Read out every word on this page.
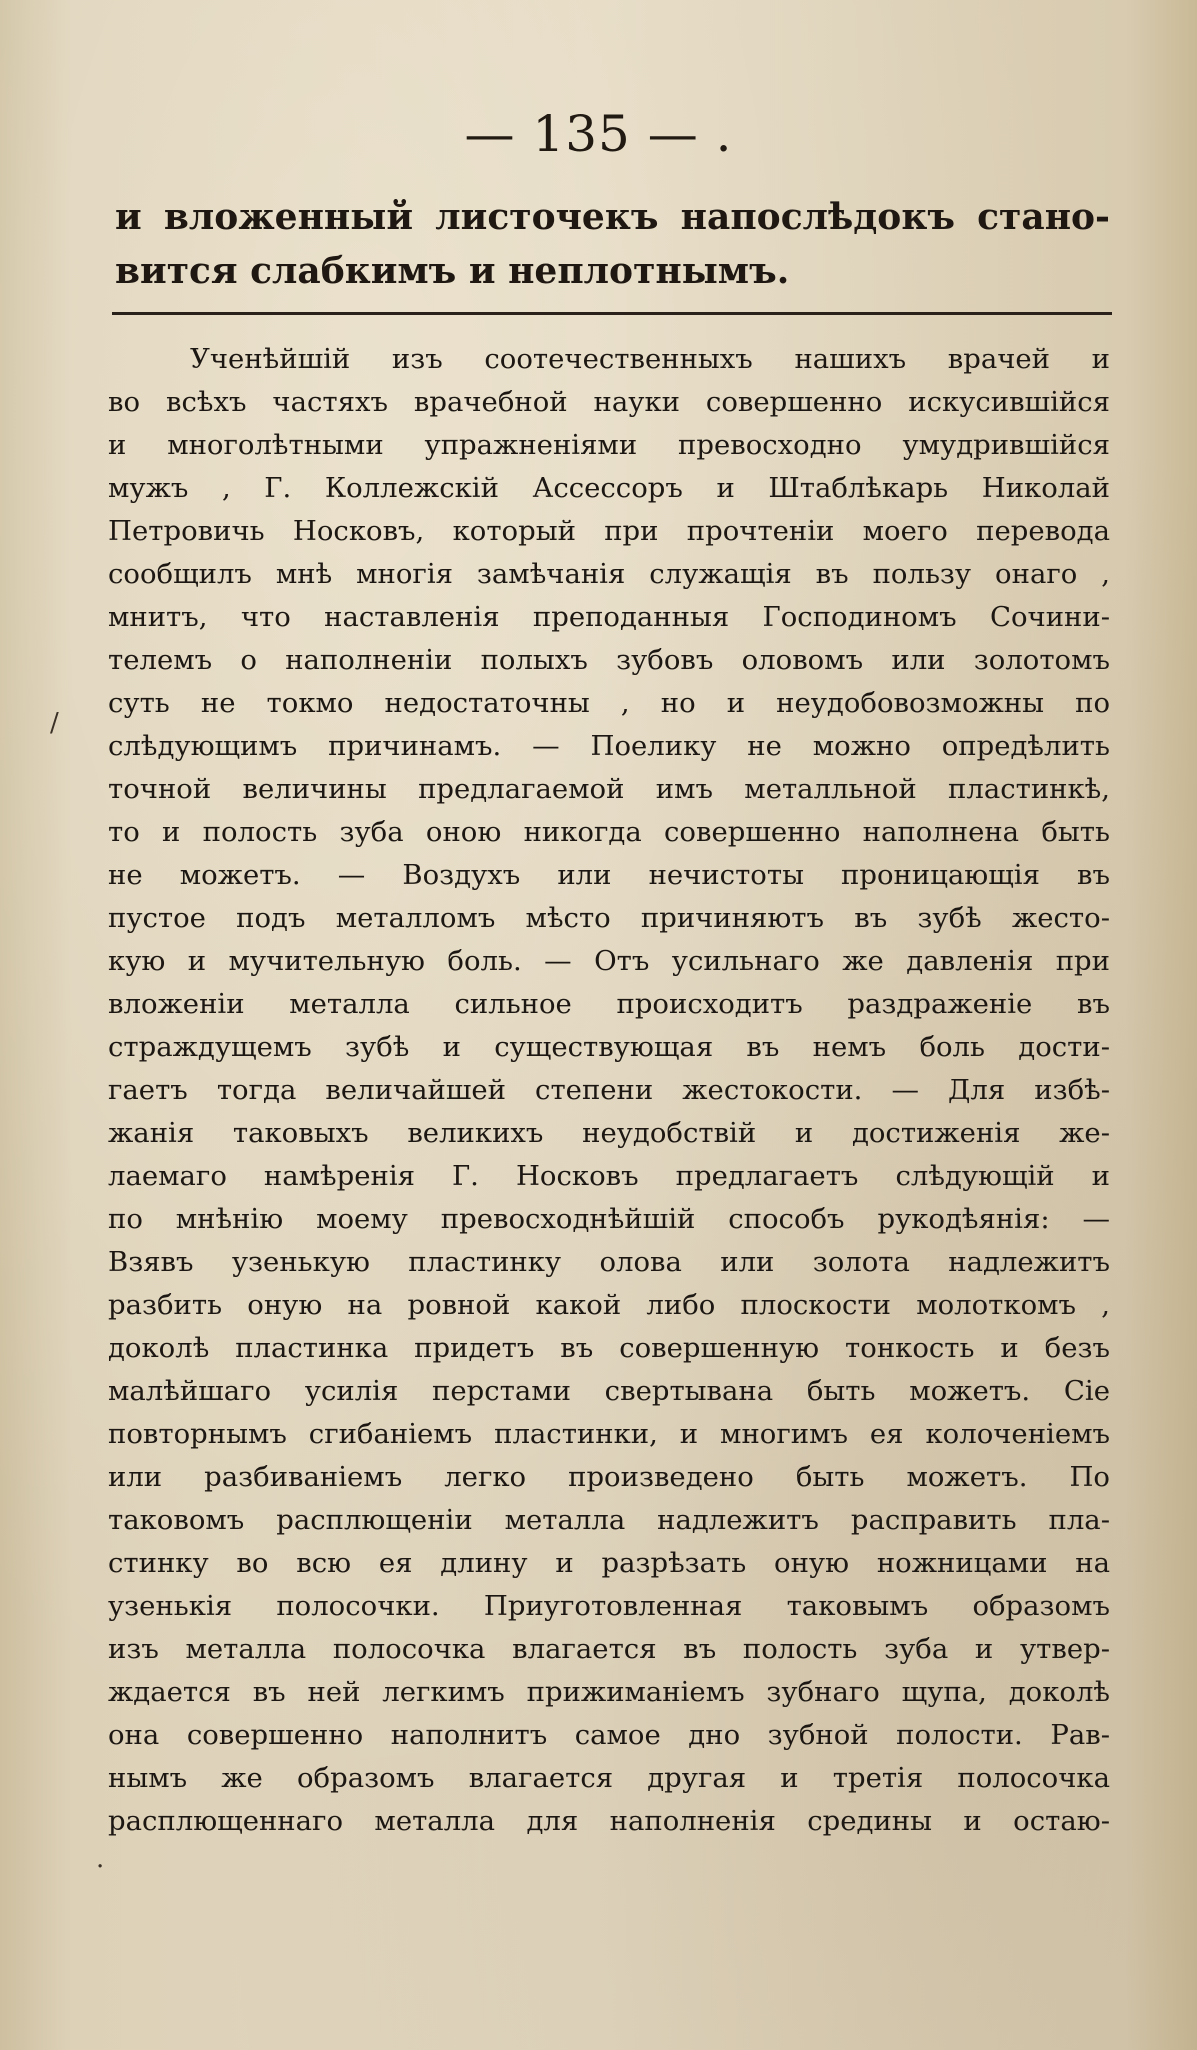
— 135 — .
и вложенный листочекъ напослѣдокъ стано-
вится слабкимъ и неплотнымъ.
Ученѣйшій изъ соотечественныхъ нашихъ врачей и
во всѣхъ частяхъ врачебной науки совершенно искусившійся
и многолѣтными упражненіями превосходно умудрившійся
мужъ , Г. Коллежскій Ассессоръ и Штаблѣкарь Николай
Петровичь Носковъ, который при прочтеніи моего перевода
сообщилъ мнѣ многія замѣчанія служащія въ пользу онаго ,
мнитъ, что наставленія преподанныя Господиномъ Сочини-
телемъ о наполненіи полыхъ зубовъ оловомъ или золотомъ
суть не токмо недостаточны , но и неудобовозможны по
слѣдующимъ причинамъ. — Поелику не можно опредѣлить
точной величины предлагаемой имъ металльной пластинкѣ,
то и полость зуба оною никогда совершенно наполнена быть
не можетъ. — Воздухъ или нечистоты проницающія въ
пустое подъ металломъ мѣсто причиняютъ въ зубѣ жесто-
кую и мучительную боль. — Отъ усильнаго же давленія при
вложеніи металла сильное происходитъ раздраженіе въ
страждущемъ зубѣ и существующая въ немъ боль дости-
гаетъ тогда величайшей степени жестокости. — Для избѣ-
жанія таковыхъ великихъ неудобствій и достиженія же-
лаемаго намѣренія Г. Носковъ предлагаетъ слѣдующій и
по мнѣнію моему превосходнѣйшій способъ рукодѣянія: —
Взявъ узенькую пластинку олова или золота надлежитъ
разбить оную на ровной какой либо плоскости молоткомъ ,
доколѣ пластинка придетъ въ совершенную тонкость и безъ
малѣйшаго усилія перстами свертывана быть можетъ. Сіе
повторнымъ сгибаніемъ пластинки, и многимъ ея колоченіемъ
или разбиваніемъ легко произведено быть можетъ. По
таковомъ расплющеніи металла надлежитъ расправить пла-
стинку во всю ея длину и разрѣзать оную ножницами на
узенькія полосочки. Приуготовленная таковымъ образомъ
изъ металла полосочка влагается въ полость зуба и утвер-
ждается въ ней легкимъ прижиманіемъ зубнаго щупа, доколѣ
она совершенно наполнитъ самое дно зубной полости. Рав-
нымъ же образомъ влагается другая и третія полосочка
расплющеннаго металла для наполненія средины и остаю-
/
·
